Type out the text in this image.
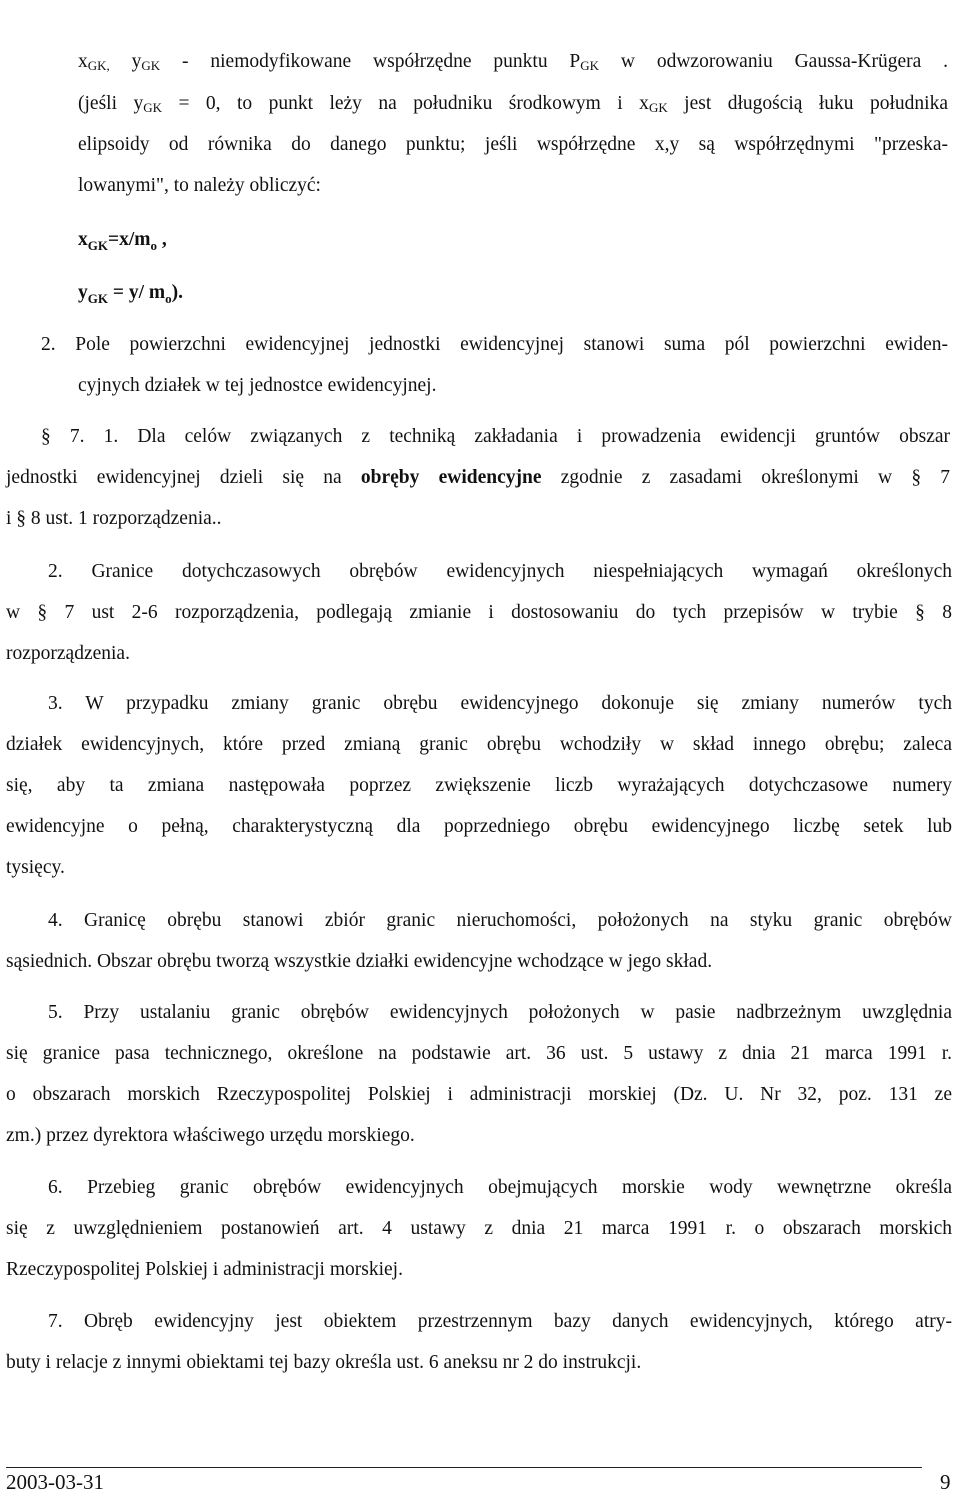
$x_{GK,}$ $y_{GK}$ - niemodyfikowane współrzędne punktu $P_{GK}$ w odwzorowaniu Gaussa-Krügera .
(jeśli $y_{GK} = 0$, to punkt leży na południku środkowym i $x_{GK}$ jest długością łuku południka
elipsoidy od równika do danego punktu; jeśli współrzędne x,y są współrzędnymi "przeska-
lowanymi", to należy obliczyć:
$x_{GK}=x/m_o$ ,
$y_{GK} = y/$ $m_o$).
2. Pole powierzchni ewidencyjnej jednostki ewidencyjnej stanowi suma pól powierzchni ewiden-
cyjnych działek w tej jednostce ewidencyjnej.
§ 7. 1. Dla celów związanych z techniką zakładania i prowadzenia ewidencji gruntów obszar
jednostki ewidencyjnej dzieli się na obręby ewidencyjne zgodnie z zasadami określonymi w § 7
i § 8 ust. 1 rozporządzenia..
2. Granice dotychczasowych obrębów ewidencyjnych niespełniających wymagań określonych
w § 7 ust 2-6 rozporządzenia, podlegają zmianie i dostosowaniu do tych przepisów w trybie § 8
rozporządzenia.
3. W przypadku zmiany granic obrębu ewidencyjnego dokonuje się zmiany numerów tych
działek ewidencyjnych, które przed zmianą granic obrębu wchodziły w skład innego obrębu; zaleca
się, aby ta zmiana następowała poprzez zwiększenie liczb wyrażających dotychczasowe numery
ewidencyjne o pełną, charakterystyczną dla poprzedniego obrębu ewidencyjnego liczbę setek lub
tysięcy.
4. Granicę obrębu stanowi zbiór granic nieruchomości, położonych na styku granic obrębów
sąsiednich. Obszar obrębu tworzą wszystkie działki ewidencyjne wchodzące w jego skład.
5. Przy ustalaniu granic obrębów ewidencyjnych położonych w pasie nadbrzeżnym uwzględnia
się granice pasa technicznego, określone na podstawie art. 36 ust. 5 ustawy z dnia 21 marca 1991 r.
o obszarach morskich Rzeczypospolitej Polskiej i administracji morskiej (Dz. U. Nr 32, poz. 131 ze
zm.) przez dyrektora właściwego urzędu morskiego.
6. Przebieg granic obrębów ewidencyjnych obejmujących morskie wody wewnętrzne określa
się z uwzględnieniem postanowień art. 4 ustawy z dnia 21 marca 1991 r. o obszarach morskich
Rzeczypospolitej Polskiej i administracji morskiej.
7. Obręb ewidencyjny jest obiektem przestrzennym bazy danych ewidencyjnych, którego atry-
buty i relacje z innymi obiektami tej bazy określa ust. 6 aneksu nr 2 do instrukcji.
2003-03-31	9
